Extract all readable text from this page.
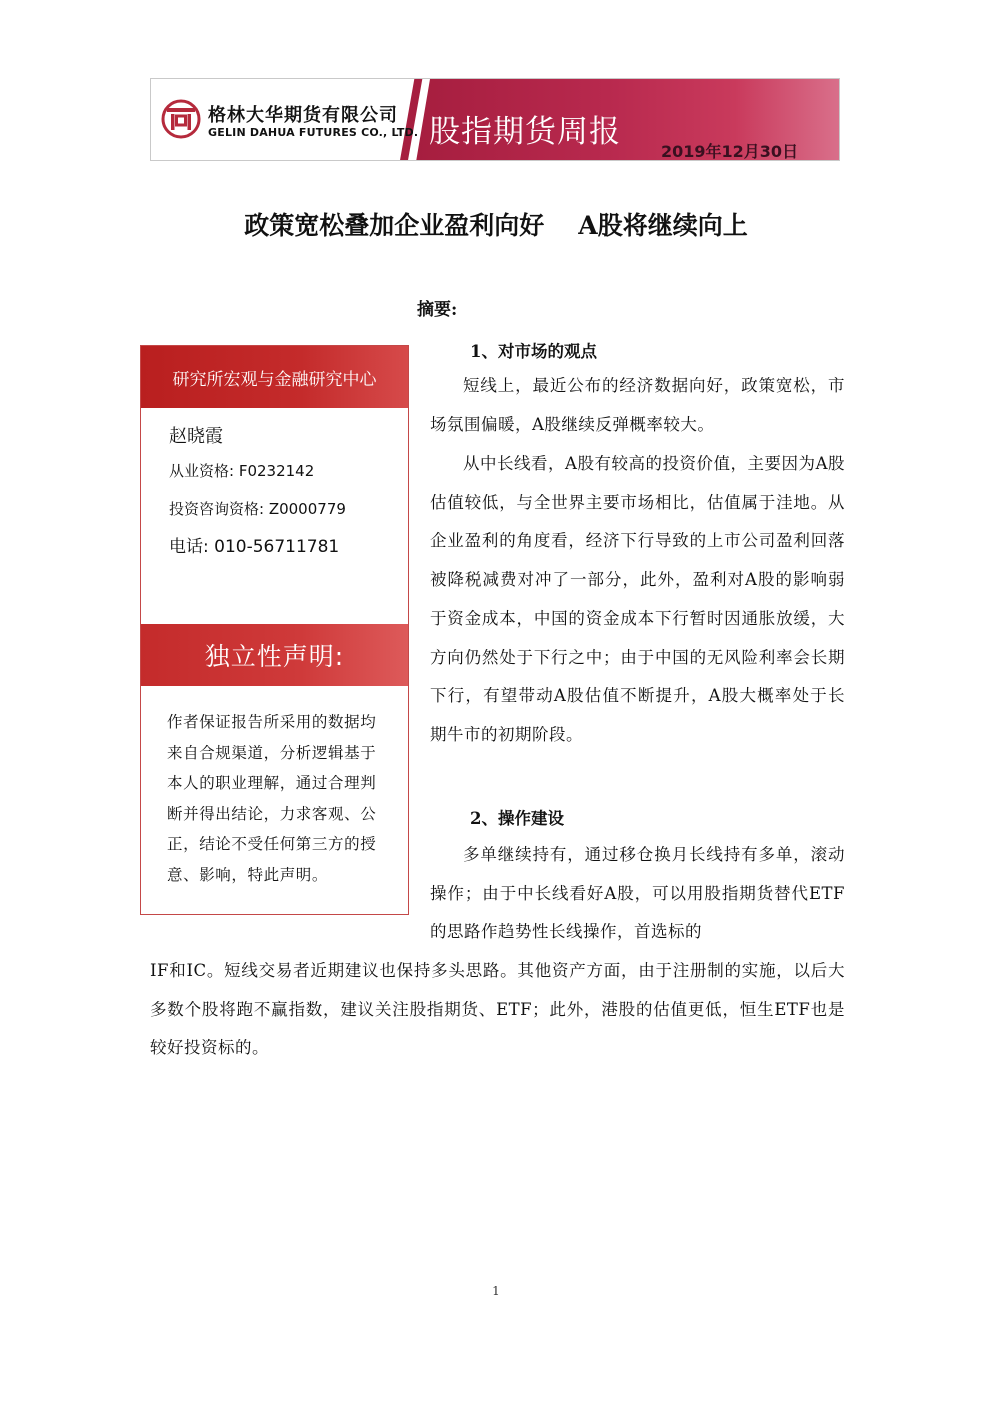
格林大华期货有限公司
GELIN DAHUA FUTURES CO., LTD. 股指期货周报
2019年12月30日
政策宽松叠加企业盈利向好 A股将继续向上
摘要:
研究所宏观与金融研究中心
赵晓霞
从业资格: F0232142
投资咨询资格: Z0000779
电话: 010-56711781
独立性声明:
作者保证报告所采用的数据均来自合规渠道，分析逻辑基于本人的职业理解，通过合理判断并得出结论，力求客观、公正，结论不受任何第三方的授意、影响，特此声明。
1、对市场的观点
短线上，最近公布的经济数据向好，政策宽松，市场氛围偏暖，A股继续反弹概率较大。
从中长线看，A股有较高的投资价值，主要因为A股估值较低，与全世界主要市场相比，估值属于洼地。从企业盈利的角度看，经济下行导致的上市公司盈利回落被降税减费对冲了一部分，此外，盈利对A股的影响弱于资金成本，中国的资金成本下行暂时因通胀放缓，大方向仍然处于下行之中；由于中国的无风险利率会长期下行，有望带动A股估值不断提升，A股大概率处于长期牛市的初期阶段。
2、操作建设
多单继续持有，通过移仓换月长线持有多单，滚动操作；由于中长线看好A股，可以用股指期货替代ETF的思路作趋势性长线操作，首选标的
IF和IC。短线交易者近期建议也保持多头思路。其他资产方面，由于注册制的实施，以后大多数个股将跑不赢指数，建议关注股指期货、ETF；此外，港股的估值更低，恒生ETF也是较好投资标的。
1
